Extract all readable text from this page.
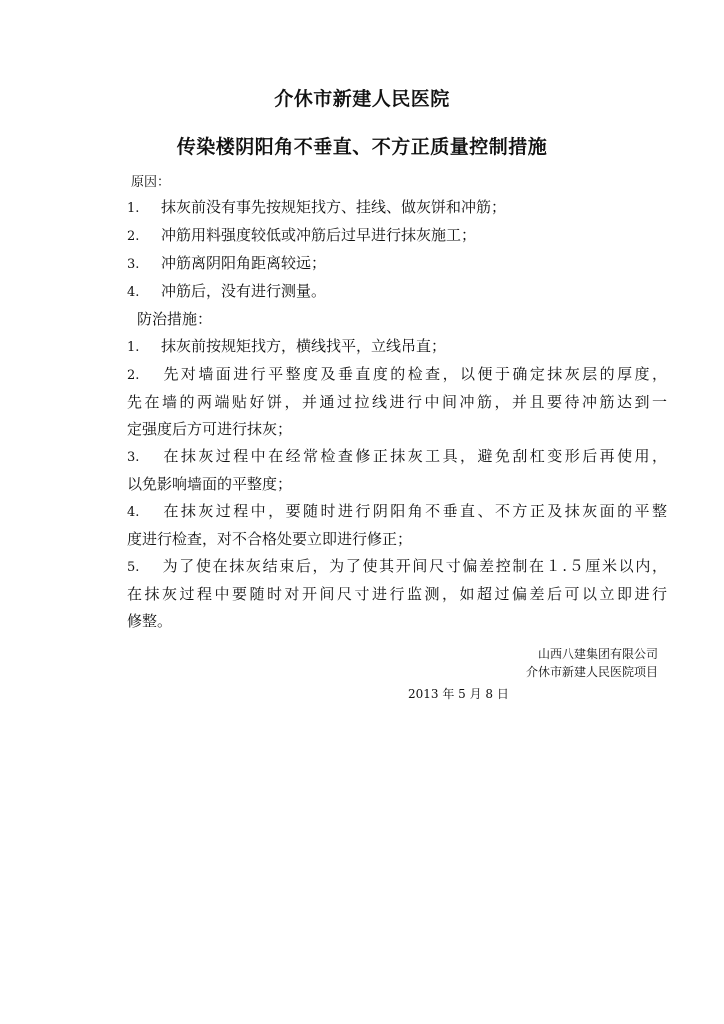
介休市新建人民医院
传染楼阴阳角不垂直、不方正质量控制措施
原因：
1. 抹灰前没有事先按规矩找方、挂线、做灰饼和冲筋；
2. 冲筋用料强度较低或冲筋后过早进行抹灰施工；
3. 冲筋离阴阳角距离较远；
4. 冲筋后，没有进行测量。
防治措施：
1. 抹灰前按规矩找方，横线找平，立线吊直；
2. 先对墙面进行平整度及垂直度的检查，以便于确定抹灰层的厚度，
先在墙的两端贴好饼，并通过拉线进行中间冲筋，并且要待冲筋达到一
定强度后方可进行抹灰；
3. 在抹灰过程中在经常检查修正抹灰工具，避免刮杠变形后再使用，
以免影响墙面的平整度；
4. 在抹灰过程中，要随时进行阴阳角不垂直、不方正及抹灰面的平整
度进行检查，对不合格处要立即进行修正；
5. 为了使在抹灰结束后，为了使其开间尺寸偏差控制在１.５厘米以内，
在抹灰过程中要随时对开间尺寸进行监测，如超过偏差后可以立即进行
修整。
山西八建集团有限公司
介休市新建人民医院项目
2013 年 5 月 8 日
